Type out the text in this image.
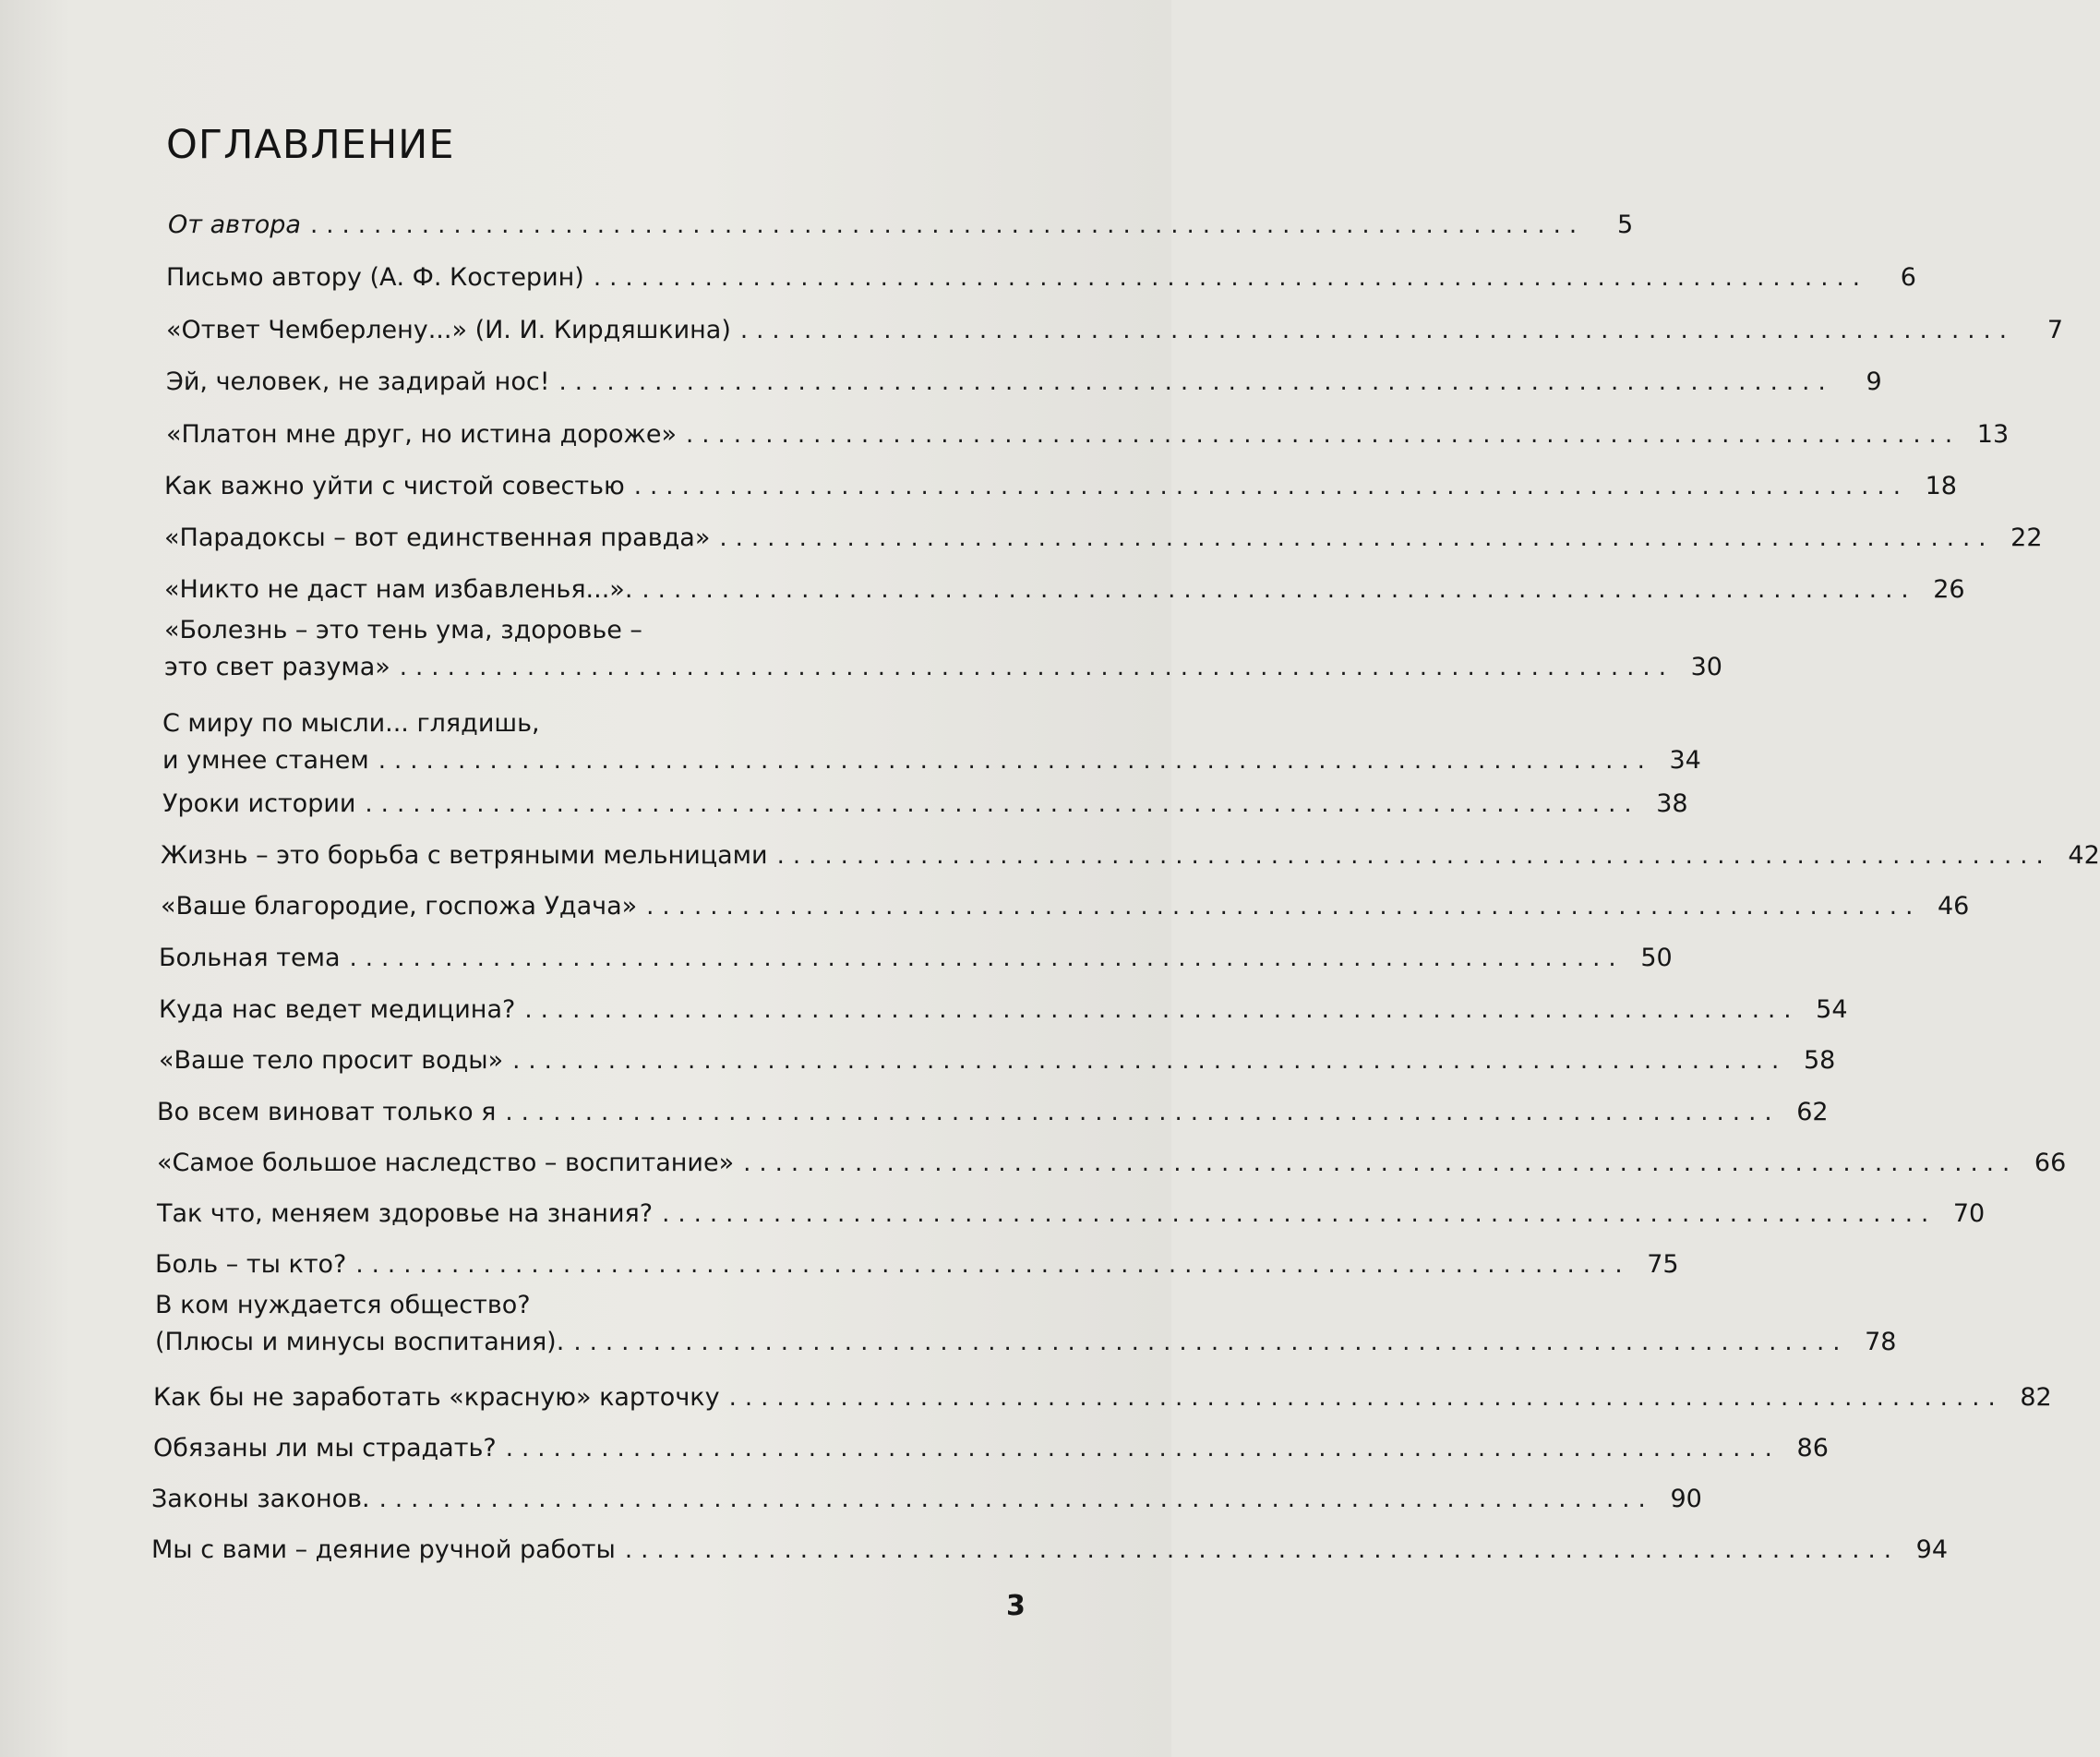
ОГЛАВЛЕНИЕ
От автора ................................................................................	5
Письмо автору (А. Ф. Костерин) ................................................................................	6
«Ответ Чемберлену...» (И. И. Кирдяшкина) ................................................................................	7
Эй, человек, не задирай нос! ................................................................................	9
«Платон мне друг, но истина дороже» ................................................................................ 13
Как важно уйти с чистой совестью ................................................................................ 18
«Парадоксы – вот единственная правда» ................................................................................ 22
«Никто не даст нам избавленья...». ................................................................................ 26
«Болезнь – это тень ума, здоровье –
это свет разума» ................................................................................ 30
С миру по мысли... глядишь,
и умнее станем ................................................................................ 34
Уроки истории ................................................................................ 38
Жизнь – это борьба с ветряными мельницами ................................................................................ 42
«Ваше благородие, госпожа Удача» ................................................................................ 46
Больная тема ................................................................................ 50
Куда нас ведет медицина? ................................................................................ 54
«Ваше тело просит воды» ................................................................................ 58
Во всем виноват только я ................................................................................ 62
«Самое большое наследство – воспитание» ................................................................................ 66
Так что, меняем здоровье на знания? ................................................................................ 70
Боль – ты кто? ................................................................................ 75
В ком нуждается общество?
(Плюсы и минусы воспитания). ................................................................................ 78
Как бы не заработать «красную» карточку ................................................................................ 82
Обязаны ли мы страдать? ................................................................................ 86
Законы законов. ................................................................................ 90
Мы с вами – деяние ручной работы ................................................................................ 94
3
